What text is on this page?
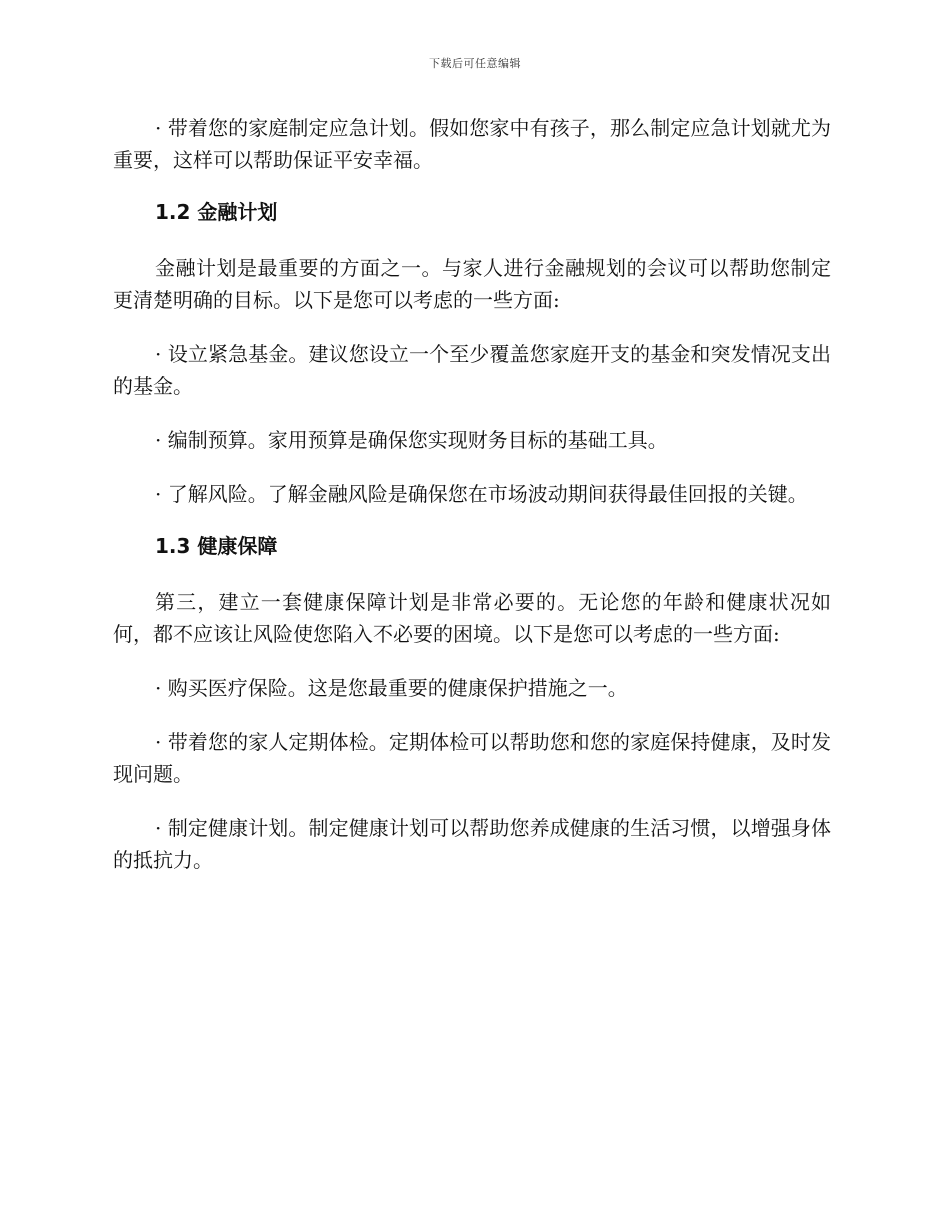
下载后可任意编辑

· 带着您的家庭制定应急计划。假如您家中有孩子，那么制定应急计划就尤为重要，这样可以帮助保证平安幸福。

1.2 金融计划

金融计划是最重要的方面之一。与家人进行金融规划的会议可以帮助您制定更清楚明确的目标。以下是您可以考虑的一些方面:

· 设立紧急基金。建议您设立一个至少覆盖您家庭开支的基金和突发情况支出的基金。

· 编制预算。家用预算是确保您实现财务目标的基础工具。

· 了解风险。了解金融风险是确保您在市场波动期间获得最佳回报的关键。

1.3 健康保障

第三，建立一套健康保障计划是非常必要的。无论您的年龄和健康状况如何，都不应该让风险使您陷入不必要的困境。以下是您可以考虑的一些方面:

· 购买医疗保险。这是您最重要的健康保护措施之一。

· 带着您的家人定期体检。定期体检可以帮助您和您的家庭保持健康，及时发现问题。

· 制定健康计划。制定健康计划可以帮助您养成健康的生活习惯，以增强身体的抵抗力。
